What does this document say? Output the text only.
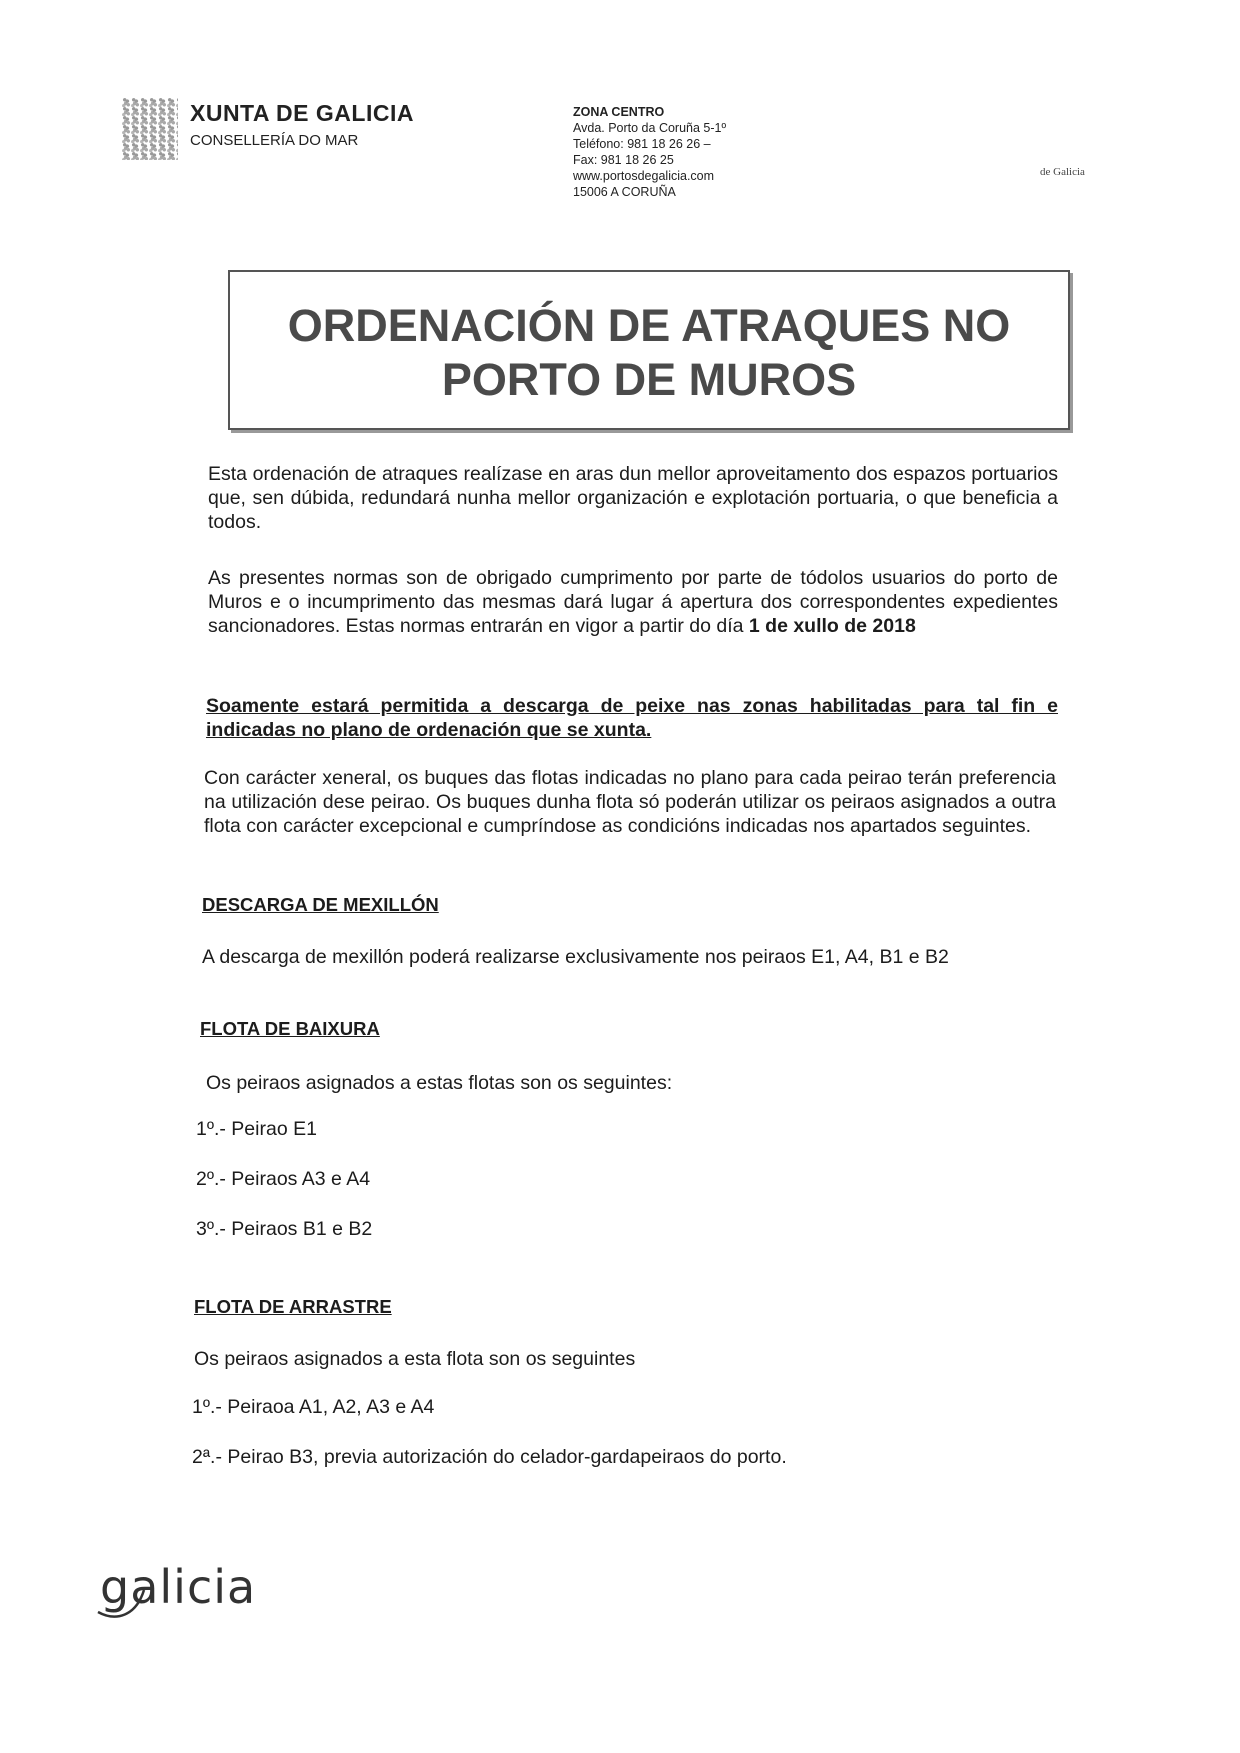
XUNTA DE GALICIA
CONSELLERÍA DO MAR
ZONA CENTRO
Avda. Porto da Coruña 5-1º
Teléfono: 981 18 26 26 –
Fax: 981 18 26 25
www.portosdegalicia.com
15006 A CORUÑA
de Galicia
ORDENACIÓN DE ATRAQUES NO
PORTO DE MUROS
Esta ordenación de atraques realízase en aras dun mellor aproveitamento dos espazos portuarios que, sen dúbida, redundará nunha mellor organización e explotación portuaria, o que beneficia a todos.
As presentes normas son de obrigado cumprimento por parte de tódolos usuarios do porto de Muros e o incumprimento das mesmas dará lugar á apertura dos correspondentes expedientes sancionadores. Estas normas entrarán en vigor a partir do día 1 de xullo de 2018
Soamente estará permitida a descarga de peixe nas zonas habilitadas para tal fin e indicadas no plano de ordenación que se xunta.
Con carácter xeneral, os buques das flotas indicadas no plano para cada peirao terán preferencia na utilización dese peirao. Os buques dunha flota só poderán utilizar os peiraos asignados a outra flota con carácter excepcional e cumpríndose as condicións indicadas nos apartados seguintes.
DESCARGA DE MEXILLÓN
A descarga de mexillón poderá realizarse exclusivamente nos peiraos E1, A4, B1 e B2
FLOTA DE BAIXURA
Os peiraos asignados a estas flotas son os seguintes:
1º.- Peirao E1
2º.- Peiraos A3 e A4
3º.- Peiraos B1 e B2
FLOTA DE ARRASTRE
Os peiraos asignados a esta flota son os seguintes
1º.- Peiraoa A1, A2, A3 e A4
2ª.- Peirao B3, previa autorización do celador-gardapeiraos do porto.
galicia
